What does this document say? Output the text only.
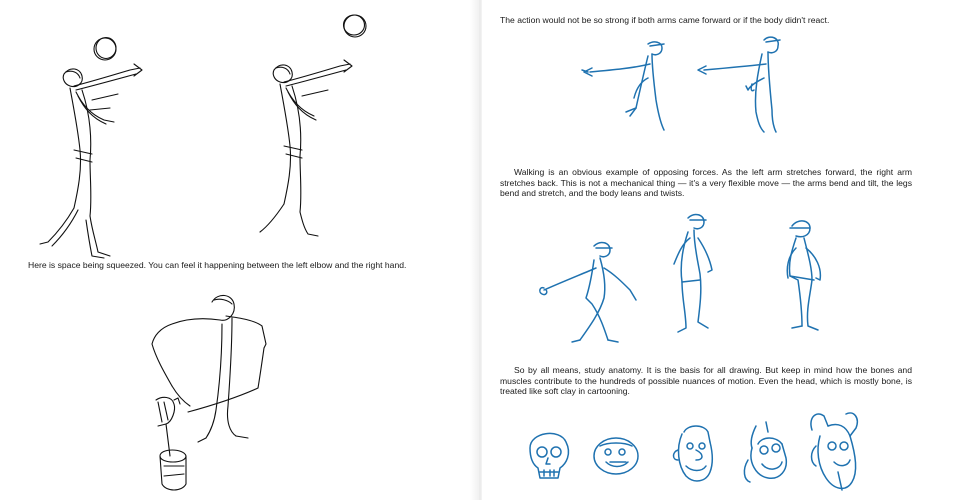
Here is space being squeezed. You can feel it happening between the left elbow and the right hand.

The action would not be so strong if both arms came forward or if the body didn't react.

Walking is an obvious example of opposing forces. As the left arm stretches forward, the right arm stretches back. This is not a mechanical thing — it's a very flexible move — the arms bend and tilt, the legs bend and stretch, and the body leans and twists.

So by all means, study anatomy. It is the basis for all drawing. But keep in mind how the bones and muscles contribute to the hundreds of possible nuances of motion. Even the head, which is mostly bone, is treated like soft clay in cartooning.
